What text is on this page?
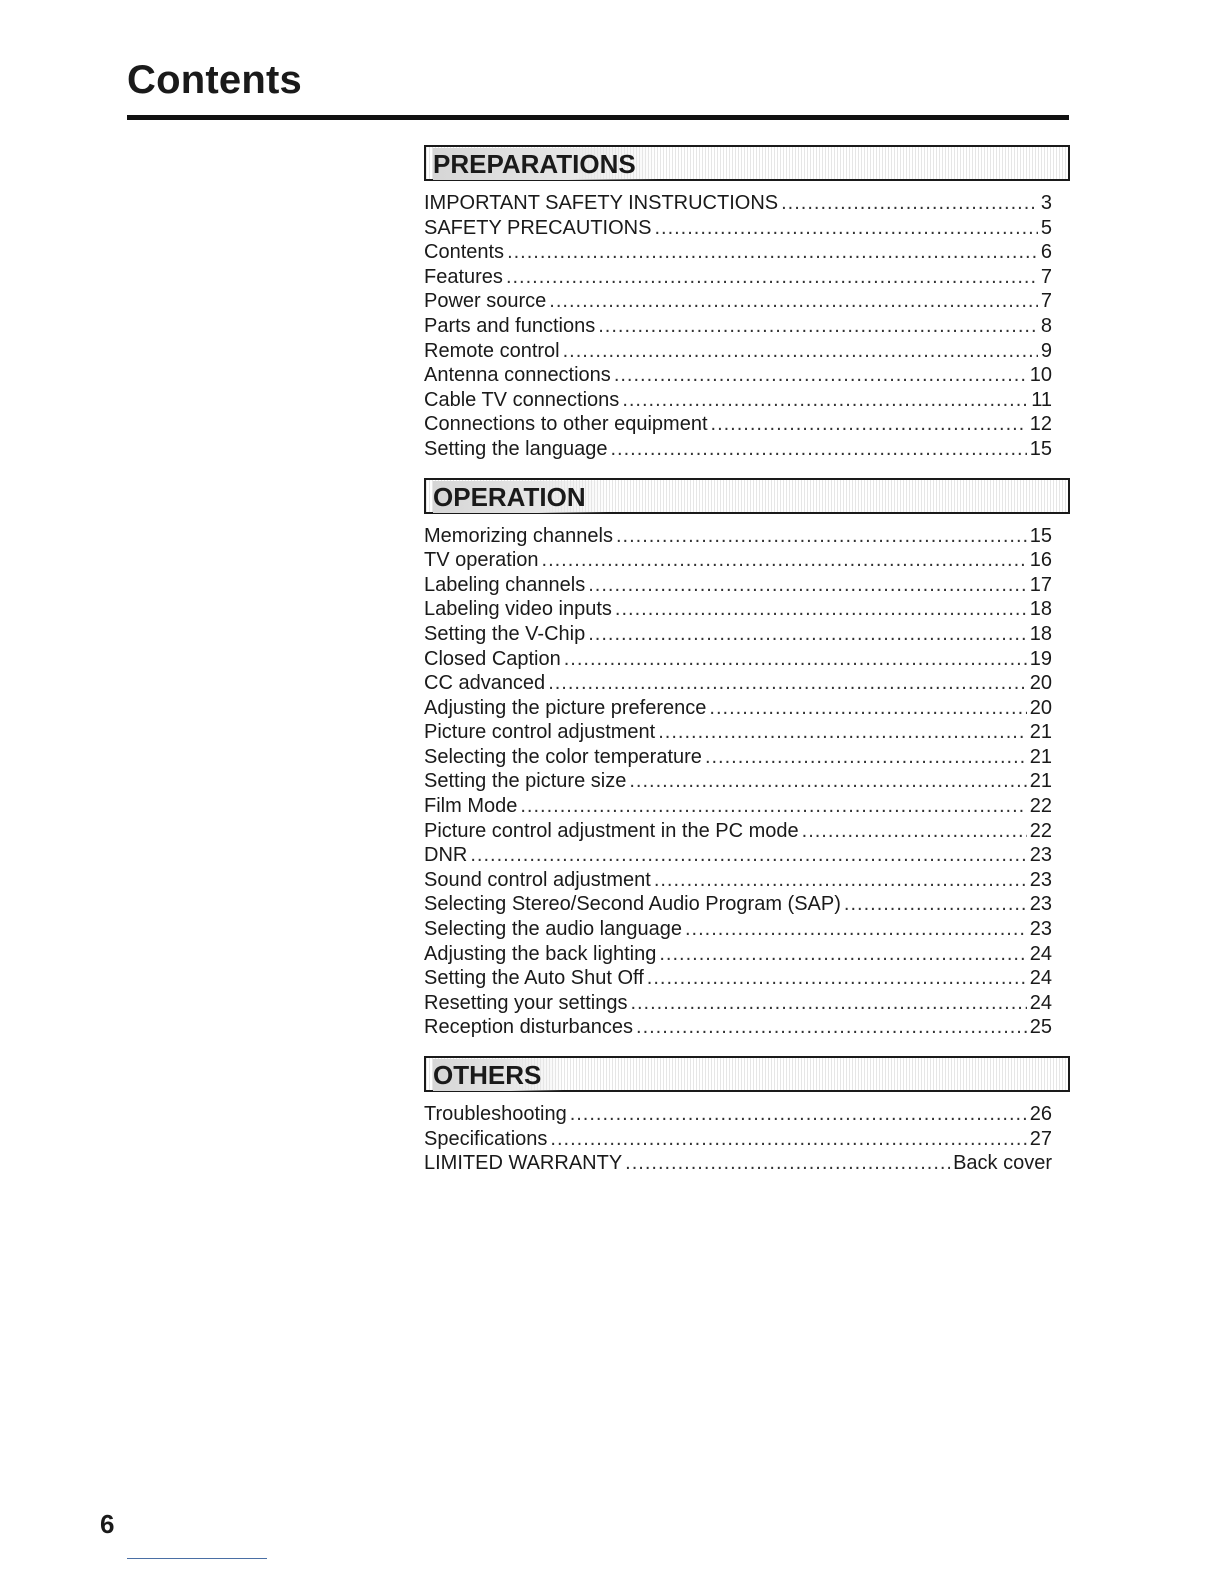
Contents
PREPARATIONS
IMPORTANT SAFETY INSTRUCTIONS .....	3
SAFETY PRECAUTIONS .....	5
Contents .....	6
Features .....	7
Power source .....	7
Parts and functions .....	8
Remote control .....	9
Antenna connections .....	10
Cable TV connections .....	11
Connections to other equipment .....	12
Setting the language .....	15
OPERATION
Memorizing channels .....	15
TV operation .....	16
Labeling channels .....	17
Labeling video inputs .....	18
Setting the V-Chip .....	18
Closed Caption .....	19
CC advanced .....	20
Adjusting the picture preference .....	20
Picture control adjustment .....	21
Selecting the color temperature .....	21
Setting the picture size .....	21
Film Mode .....	22
Picture control adjustment in the PC mode .....	22
DNR .....	23
Sound control adjustment .....	23
Selecting Stereo/Second Audio Program (SAP) .....	23
Selecting the audio language .....	23
Adjusting the back lighting .....	24
Setting the Auto Shut Off .....	24
Resetting your settings .....	24
Reception disturbances .....	25
OTHERS
Troubleshooting .....	26
Specifications .....	27
LIMITED WARRANTY .....	Back cover
6
